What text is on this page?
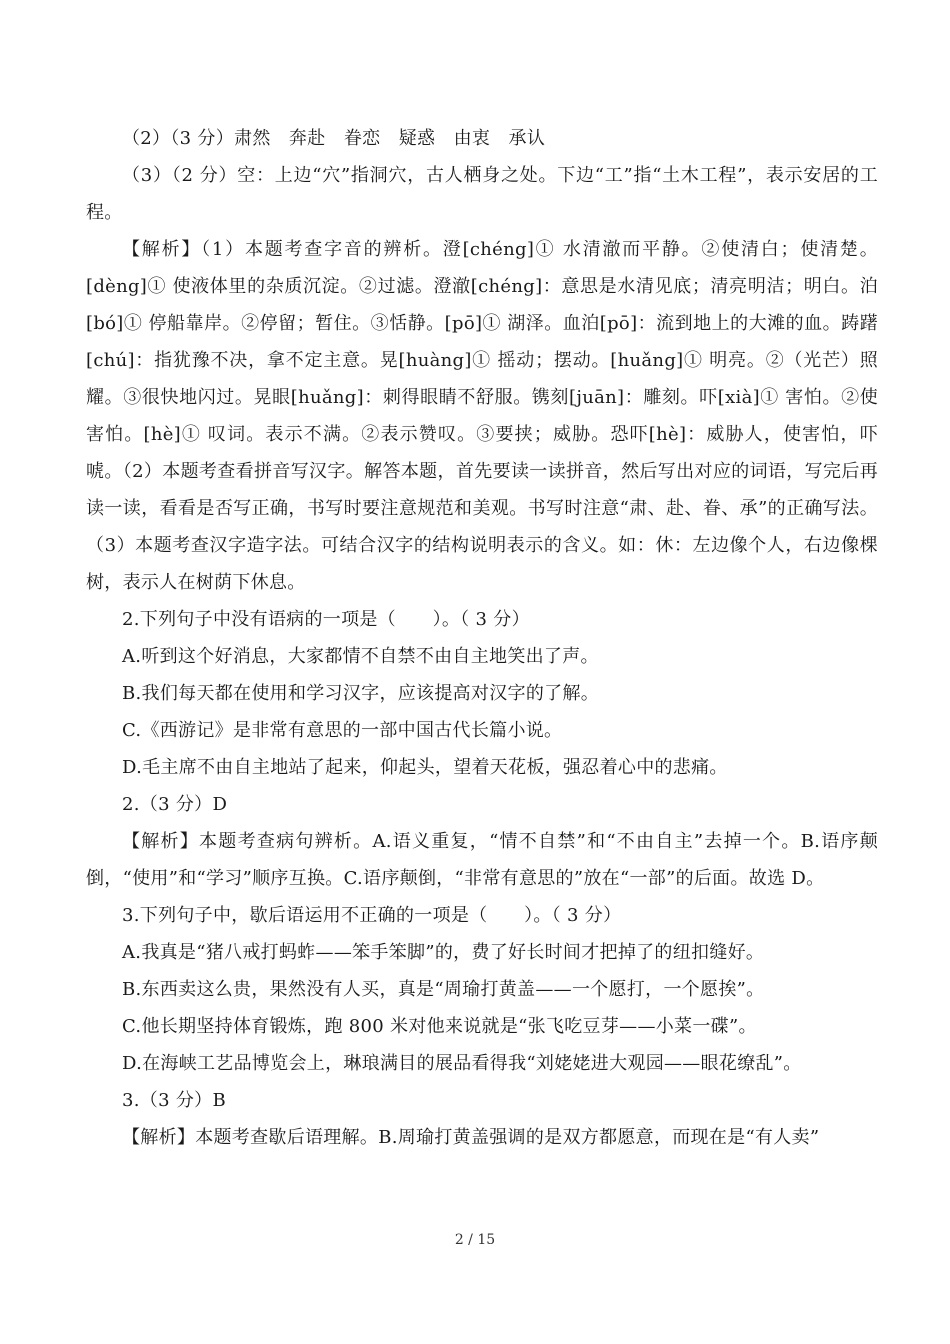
（2）（3 分）肃然　奔赴　眷恋　疑惑　由衷　承认

（3）（2 分）空：上边“穴”指洞穴，古人栖身之处。下边“工”指“土木工程”，表示安居的工程。

【解析】（1）本题考查字音的辨析。澄[chéng]① 水清澈而平静。②使清白；使清楚。[dèng]① 使液体里的杂质沉淀。②过滤。澄澈[chéng]：意思是水清见底；清亮明洁；明白。泊[bó]① 停船靠岸。②停留；暂住。③恬静。[pō]① 湖泽。血泊[pō]：流到地上的大滩的血。踌躇[chú]：指犹豫不决，拿不定主意。晃[huàng]① 摇动；摆动。[huǎng]① 明亮。②（光芒）照耀。③很快地闪过。晃眼[huǎng]：刺得眼睛不舒服。镌刻[juān]：雕刻。吓[xià]① 害怕。②使害怕。[hè]① 叹词。表示不满。②表示赞叹。③要挟；威胁。恐吓[hè]：威胁人，使害怕，吓唬。（2）本题考查看拼音写汉字。解答本题，首先要读一读拼音，然后写出对应的词语，写完后再读一读，看看是否写正确，书写时要注意规范和美观。书写时注意“肃、赴、眷、承”的正确写法。（3）本题考查汉字造字法。可结合汉字的结构说明表示的含义。如：休：左边像个人，右边像棵树，表示人在树荫下休息。

2.下列句子中没有语病的一项是（　　）。（ 3 分）

A.听到这个好消息，大家都情不自禁不由自主地笑出了声。

B.我们每天都在使用和学习汉字，应该提高对汉字的了解。

C.《西游记》是非常有意思的一部中国古代长篇小说。

D.毛主席不由自主地站了起来，仰起头，望着天花板，强忍着心中的悲痛。

2.（3 分）D

【解析】本题考查病句辨析。A.语义重复，“情不自禁”和“不由自主”去掉一个。B.语序颠倒，“使用”和“学习”顺序互换。C.语序颠倒，“非常有意思的”放在“一部”的后面。故选 D。

3.下列句子中，歇后语运用不正确的一项是（　　）。（ 3 分）

A.我真是“猪八戒打蚂蚱——笨手笨脚”的，费了好长时间才把掉了的纽扣缝好。

B.东西卖这么贵，果然没有人买，真是“周瑜打黄盖——一个愿打，一个愿挨”。

C.他长期坚持体育锻炼，跑 800 米对他来说就是“张飞吃豆芽——小菜一碟”。

D.在海峡工艺品博览会上，琳琅满目的展品看得我“刘姥姥进大观园——眼花缭乱”。

3.（3 分）B

【解析】本题考查歇后语理解。B.周瑜打黄盖强调的是双方都愿意，而现在是“有人卖”

2 / 15
